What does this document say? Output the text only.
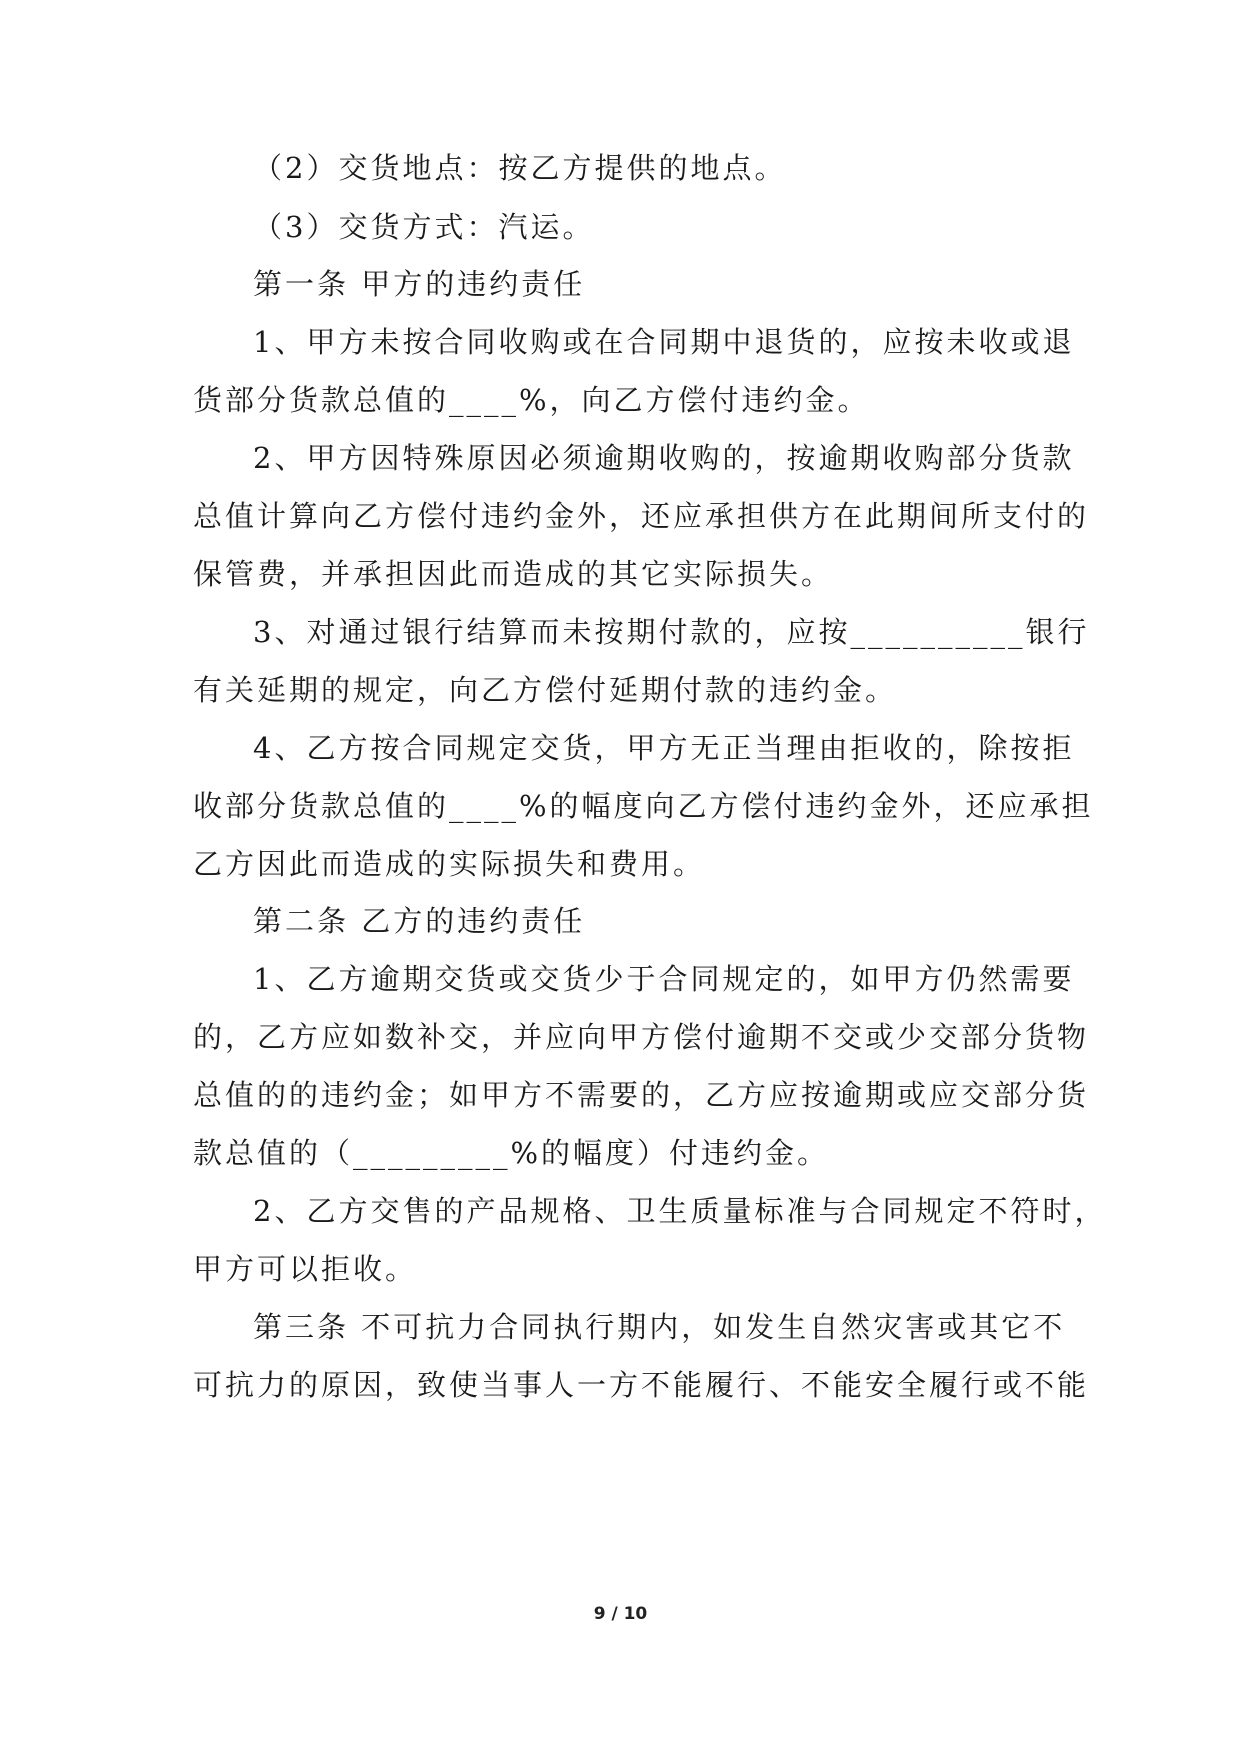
（2）交货地点：按乙方提供的地点。
（3）交货方式：汽运。
第一条 甲方的违约责任
1、甲方未按合同收购或在合同期中退货的，应按未收或退
货部分货款总值的____%，向乙方偿付违约金。
2、甲方因特殊原因必须逾期收购的，按逾期收购部分货款
总值计算向乙方偿付违约金外，还应承担供方在此期间所支付的
保管费，并承担因此而造成的其它实际损失。
3、对通过银行结算而未按期付款的，应按__________银行
有关延期的规定，向乙方偿付延期付款的违约金。
4、乙方按合同规定交货，甲方无正当理由拒收的，除按拒
收部分货款总值的____%的幅度向乙方偿付违约金外，还应承担
乙方因此而造成的实际损失和费用。
第二条 乙方的违约责任
1、乙方逾期交货或交货少于合同规定的，如甲方仍然需要
的，乙方应如数补交，并应向甲方偿付逾期不交或少交部分货物
总值的的违约金；如甲方不需要的，乙方应按逾期或应交部分货
款总值的（_________%的幅度）付违约金。
2、乙方交售的产品规格、卫生质量标准与合同规定不符时，
甲方可以拒收。
第三条 不可抗力合同执行期内，如发生自然灾害或其它不
可抗力的原因，致使当事人一方不能履行、不能安全履行或不能
9 / 10
